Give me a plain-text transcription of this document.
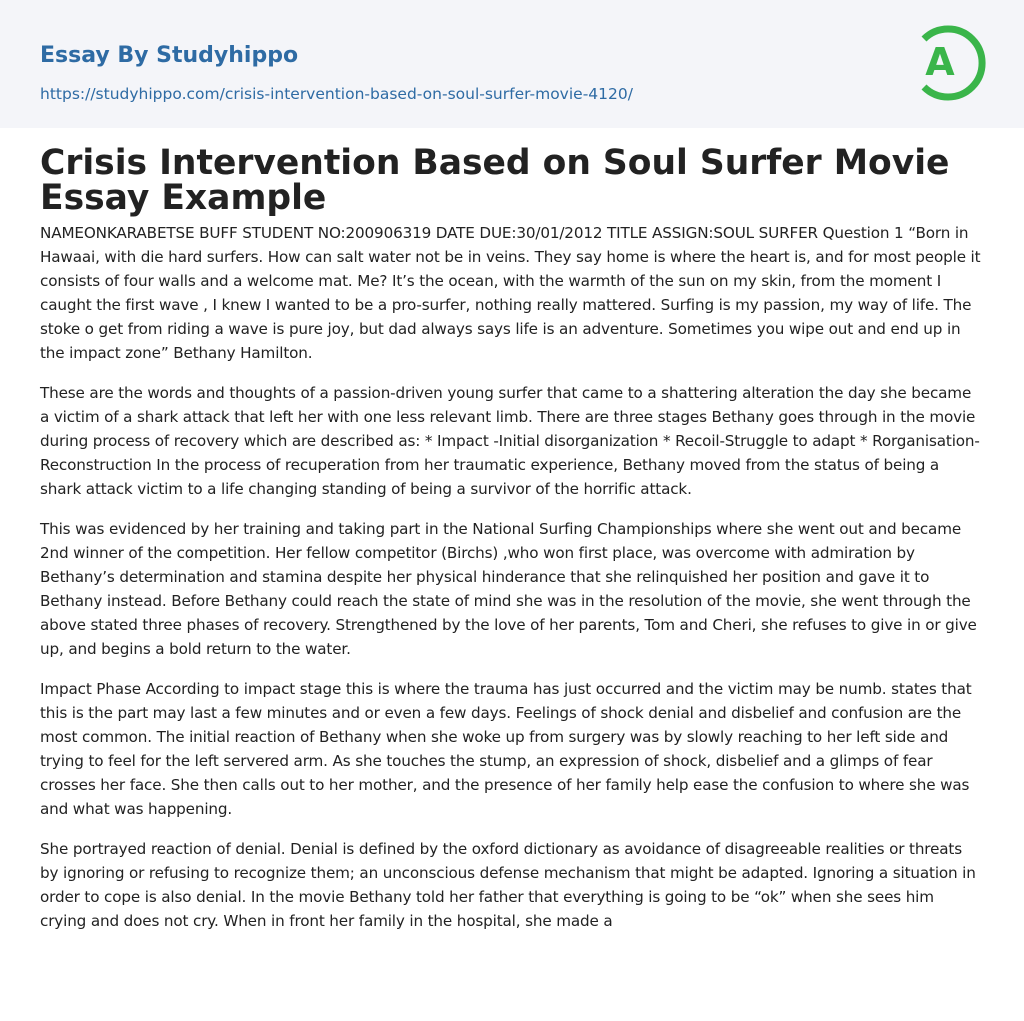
Essay By Studyhippo
https://studyhippo.com/crisis-intervention-based-on-soul-surfer-movie-4120/
A
Crisis Intervention Based on Soul Surfer Movie Essay Example

NAMEONKARABETSE BUFF STUDENT NO:200906319 DATE DUE:30/01/2012 TITLE ASSIGN:SOUL SURFER Question 1 “Born in Hawaai, with die hard surfers. How can salt water not be in veins. They say home is where the heart is, and for most people it consists of four walls and a welcome mat. Me? It’s the ocean, with the warmth of the sun on my skin, from the moment I caught the first wave , I knew I wanted to be a pro-surfer, nothing really mattered. Surfing is my passion, my way of life. The stoke o get from riding a wave is pure joy, but dad always says life is an adventure. Sometimes you wipe out and end up in the impact zone” Bethany Hamilton.

These are the words and thoughts of a passion-driven young surfer that came to a shattering alteration the day she became a victim of a shark attack that left her with one less relevant limb. There are three stages Bethany goes through in the movie during process of recovery which are described as: * Impact -Initial disorganization * Recoil-Struggle to adapt * Rorganisation-Reconstruction In the process of recuperation from her traumatic experience, Bethany moved from the status of being a shark attack victim to a life changing standing of being a survivor of the horrific attack.

This was evidenced by her training and taking part in the National Surfing Championships where she went out and became 2nd winner of the competition. Her fellow competitor (Birchs) ,who won first place, was overcome with admiration by Bethany’s determination and stamina despite her physical hinderance that she relinquished her position and gave it to Bethany instead. Before Bethany could reach the state of mind she was in the resolution of the movie, she went through the above stated three phases of recovery. Strengthened by the love of her parents, Tom and Cheri, she refuses to give in or give up, and begins a bold return to the water.

Impact Phase According to impact stage this is where the trauma has just occurred and the victim may be numb. states that this is the part may last a few minutes and or even a few days. Feelings of shock denial and disbelief and confusion are the most common. The initial reaction of Bethany when she woke up from surgery was by slowly reaching to her left side and trying to feel for the left servered arm. As she touches the stump, an expression of shock, disbelief and a glimps of fear crosses her face. She then calls out to her mother, and the presence of her family help ease the confusion to where she was and what was happening.

She portrayed reaction of denial. Denial is defined by the oxford dictionary as avoidance of disagreeable realities or threats by ignoring or refusing to recognize them; an unconscious defense mechanism that might be adapted. Ignoring a situation in order to cope is also denial. In the movie Bethany told her father that everything is going to be “ok” when she sees him crying and does not cry. When in front her family in the hospital, she made a
